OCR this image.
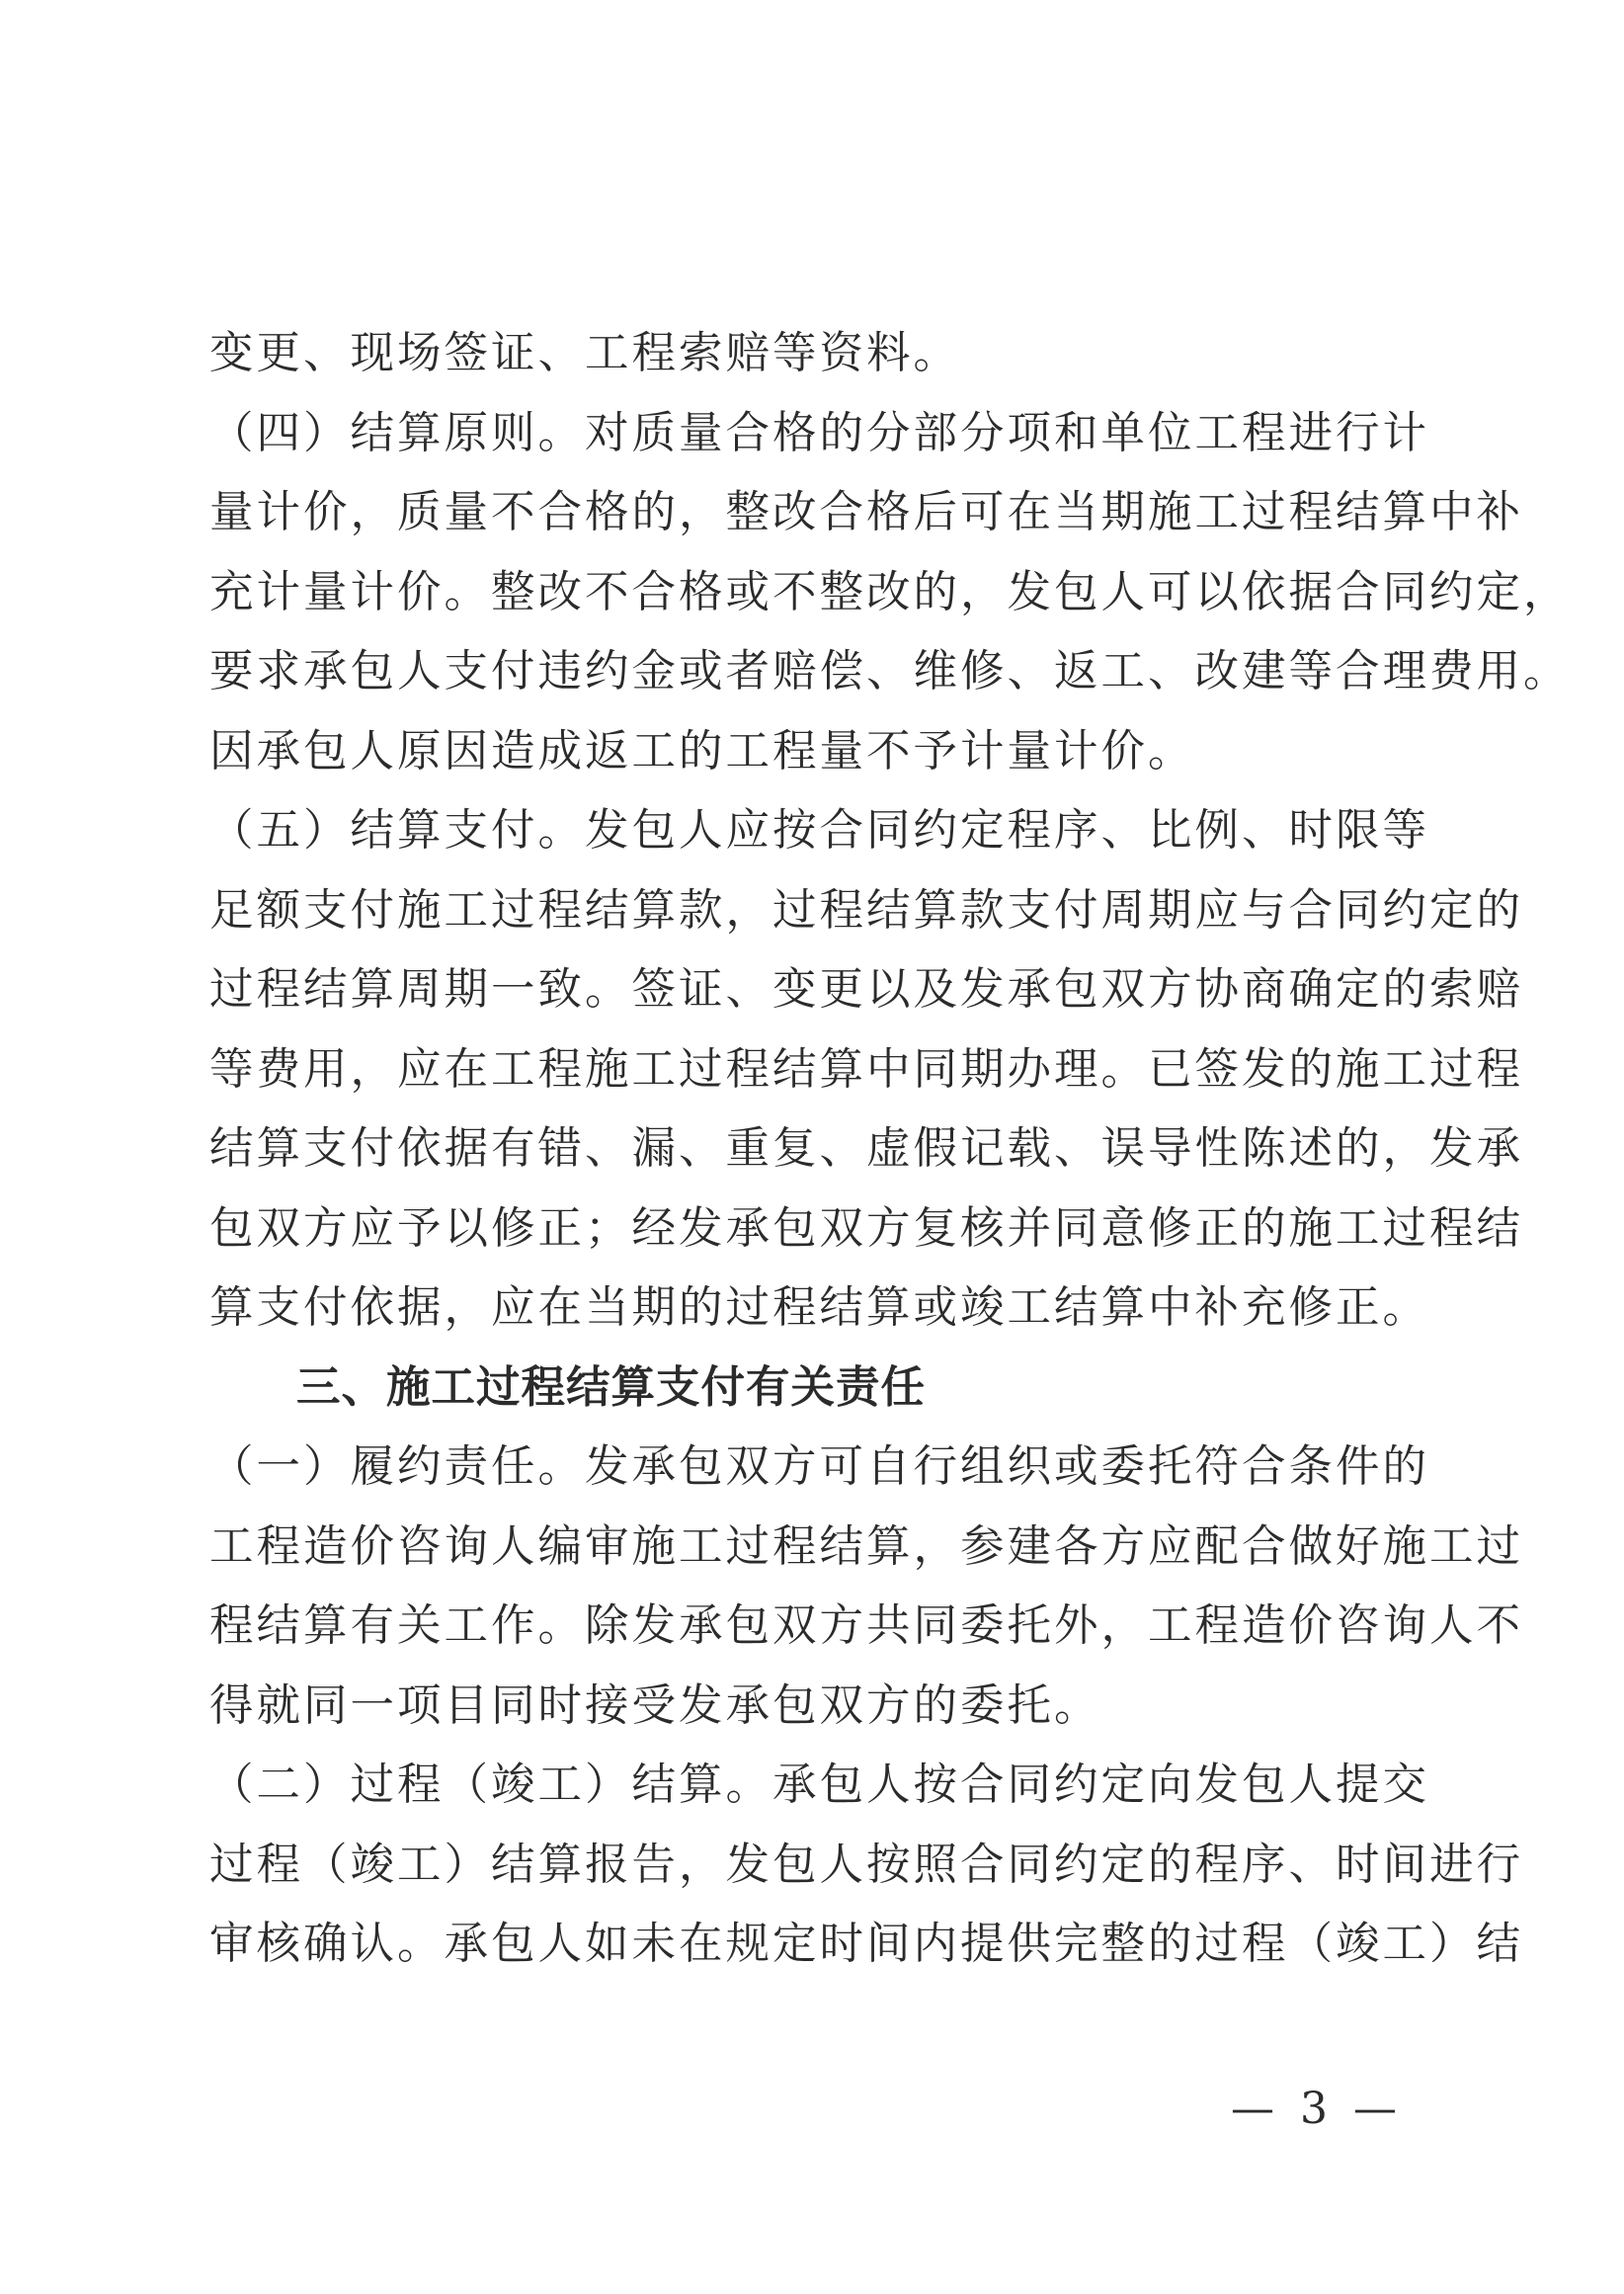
变更、现场签证、工程索赔等资料。
（四）结算原则。对质量合格的分部分项和单位工程进行计
量计价，质量不合格的，整改合格后可在当期施工过程结算中补
充计量计价。整改不合格或不整改的，发包人可以依据合同约定，
要求承包人支付违约金或者赔偿、维修、返工、改建等合理费用。
因承包人原因造成返工的工程量不予计量计价。
（五）结算支付。发包人应按合同约定程序、比例、时限等
足额支付施工过程结算款，过程结算款支付周期应与合同约定的
过程结算周期一致。签证、变更以及发承包双方协商确定的索赔
等费用，应在工程施工过程结算中同期办理。已签发的施工过程
结算支付依据有错、漏、重复、虚假记载、误导性陈述的，发承
包双方应予以修正；经发承包双方复核并同意修正的施工过程结
算支付依据，应在当期的过程结算或竣工结算中补充修正。
三、施工过程结算支付有关责任
（一）履约责任。发承包双方可自行组织或委托符合条件的
工程造价咨询人编审施工过程结算，参建各方应配合做好施工过
程结算有关工作。除发承包双方共同委托外，工程造价咨询人不
得就同一项目同时接受发承包双方的委托。
（二）过程（竣工）结算。承包人按合同约定向发包人提交
过程（竣工）结算报告，发包人按照合同约定的程序、时间进行
审核确认。承包人如未在规定时间内提供完整的过程（竣工）结
— 3 —
